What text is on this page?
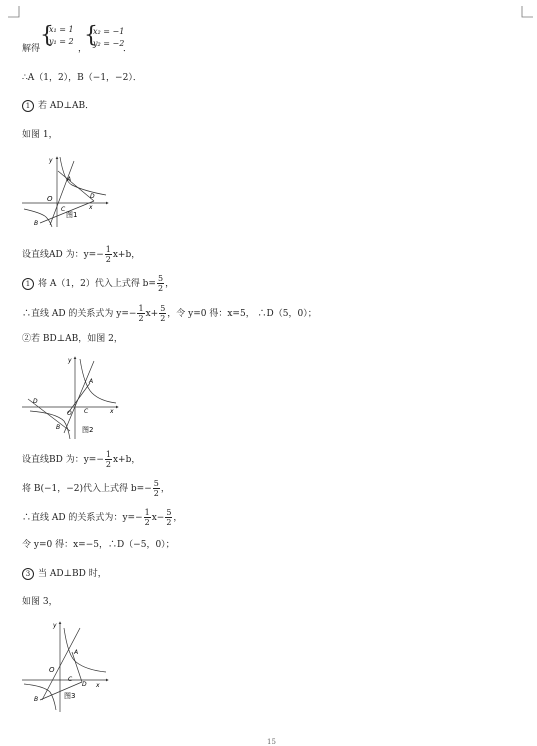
解得
{
x₁ = 1
y₁ = 2
，
{
x₂ = −1
y₂ = −2
．
∴A（1，2），B（−1，−2）．
1 若 AD⊥AB．
如图 1，
y
O
A
B
C
D
x
图1
设直线AD 为：$y=- \frac{1}{2} x+b$，
1 将 A（1，2）代入上式得 $b= \frac{5}{2}$ ，
∴直线 AD 的关系式为 $y=- \frac{1}{2} x+ \frac{5}{2}$ ，令 y=0 得：x=5， ∴D（5，0）；
②若 BD⊥AB，如图 2，
y
A
D
O C
B
x
图2
设直线BD 为：$y=- \frac{1}{2} x+b$，
将 B(−1，−2)代入上式得 $b=- \frac{5}{2}$ ，
∴直线 AD 的关系式为：$y=- \frac{1}{2} x- \frac{5}{2}$ ，
令 y=0 得：x=−5，∴D（−5，0）；
3 当 AD⊥BD 时，
如图 3，
y
A
O
C
D
B
x
图3
15
